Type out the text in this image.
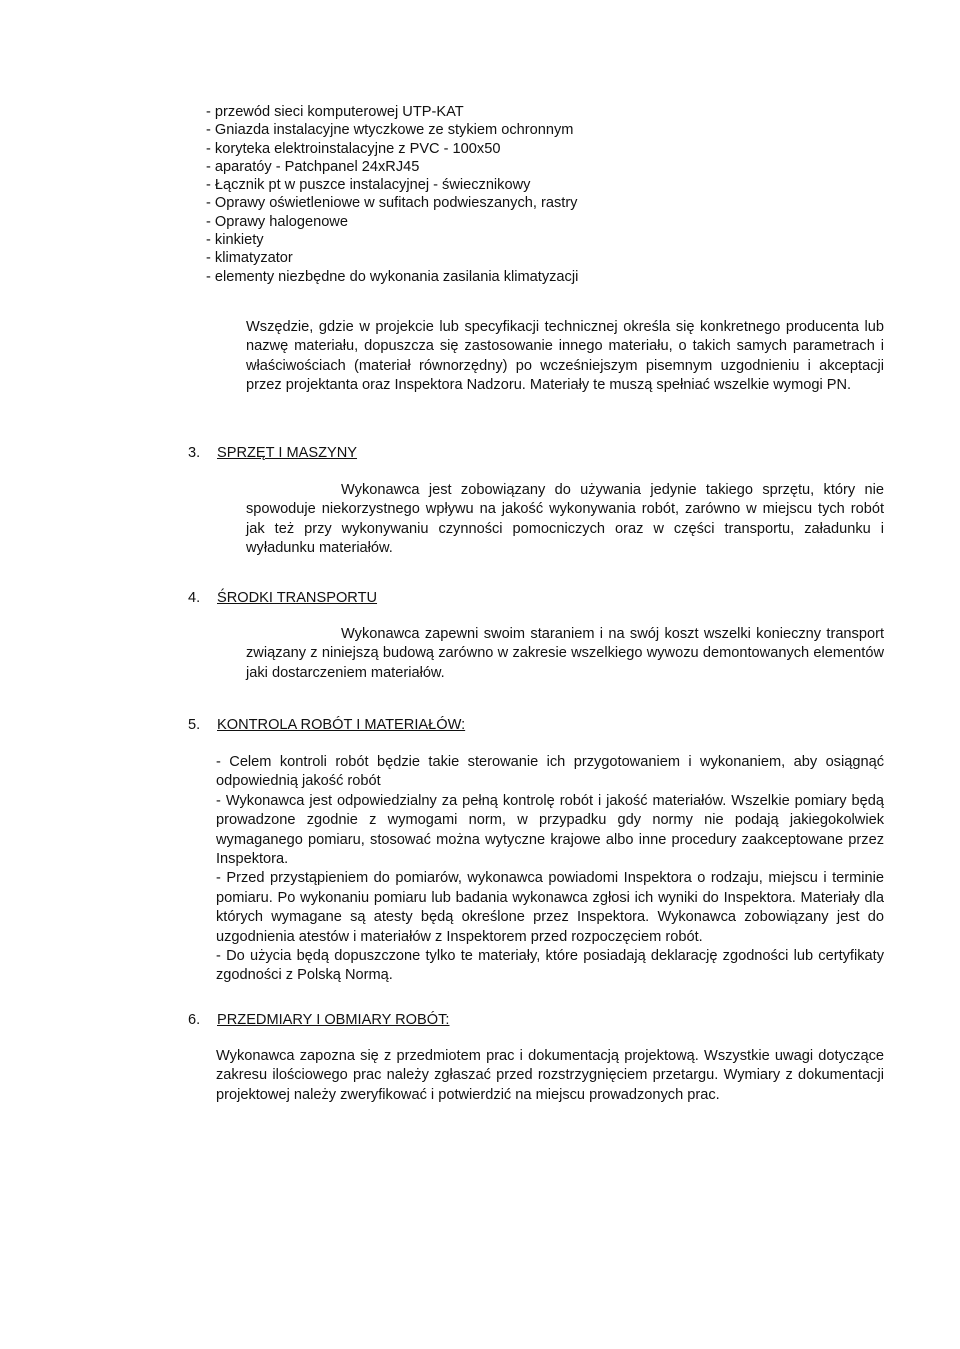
- przewód sieci komputerowej UTP-KAT
- Gniazda instalacyjne wtyczkowe ze stykiem ochronnym
- koryteka elektroinstalacyjne z PVC - 100x50
- aparatóy - Patchpanel 24xRJ45
- Łącznik pt w puszce instalacyjnej - świecznikowy
- Oprawy oświetleniowe w sufitach podwieszanych, rastry
- Oprawy halogenowe
- kinkiety
- klimatyzator
- elementy niezbędne do wykonania zasilania klimatyzacji

Wszędzie, gdzie w projekcie lub specyfikacji technicznej określa się konkretnego producenta lub nazwę materiału, dopuszcza się zastosowanie innego materiału, o takich samych parametrach i właściwościach (materiał równorzędny) po wcześniejszym pisemnym uzgodnieniu i akceptacji przez projektanta oraz Inspektora Nadzoru. Materiały te muszą spełniać wszelkie wymogi PN.

3. SPRZĘT I MASZYNY

Wykonawca jest zobowiązany do używania jedynie takiego sprzętu, który nie spowoduje niekorzystnego wpływu na jakość wykonywania robót, zarówno w miejscu tych robót jak też przy wykonywaniu czynności pomocniczych oraz w części transportu, załadunku i wyładunku materiałów.

4. ŚRODKI TRANSPORTU

Wykonawca zapewni swoim staraniem i na swój koszt wszelki konieczny transport związany z niniejszą budową zarówno w zakresie wszelkiego wywozu demontowanych elementów jaki dostarczeniem materiałów.

5. KONTROLA ROBÓT I MATERIAŁÓW:

- Celem kontroli robót będzie takie sterowanie ich przygotowaniem i wykonaniem, aby osiągnąć odpowiednią jakość robót

- Wykonawca jest odpowiedzialny za pełną kontrolę robót i jakość materiałów. Wszelkie pomiary będą prowadzone zgodnie z wymogami norm, w przypadku gdy normy nie podają jakiegokolwiek wymaganego pomiaru, stosować można wytyczne krajowe albo inne procedury zaakceptowane przez Inspektora.

- Przed przystąpieniem do pomiarów, wykonawca powiadomi Inspektora o rodzaju, miejscu i terminie pomiaru. Po wykonaniu pomiaru lub badania wykonawca zgłosi ich wyniki do Inspektora. Materiały dla których wymagane są atesty będą określone przez Inspektora. Wykonawca zobowiązany jest do uzgodnienia atestów i materiałów z Inspektorem przed rozpoczęciem robót.

- Do użycia będą dopuszczone tylko te materiały, które posiadają deklarację zgodności lub certyfikaty zgodności z Polską Normą.

6. PRZEDMIARY I OBMIARY ROBÓT:

Wykonawca zapozna się z przedmiotem prac i dokumentacją projektową. Wszystkie uwagi dotyczące zakresu ilościowego prac należy zgłaszać przed rozstrzygnięciem przetargu. Wymiary z dokumentacji projektowej należy zweryfikować i potwierdzić na miejscu prowadzonych prac.
